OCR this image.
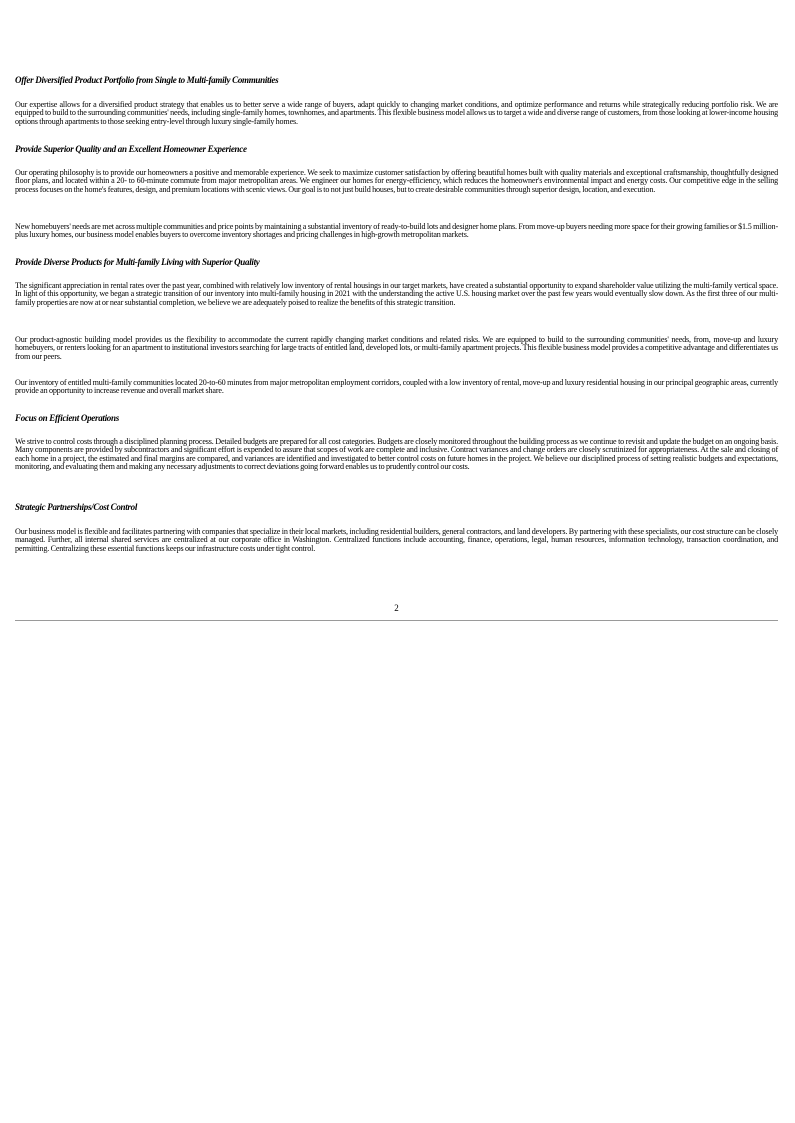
Offer Diversified Product Portfolio from Single to Multi-family Communities

Our expertise allows for a diversified product strategy that enables us to better serve a wide range of buyers, adapt quickly to changing market conditions, and optimize performance and returns while strategically reducing portfolio risk. We are equipped to build to the surrounding communities' needs, including single-family homes, townhomes, and apartments. This flexible business model allows us to target a wide and diverse range of customers, from those looking at lower-income housing options through apartments to those seeking entry-level through luxury single-family homes.

Provide Superior Quality and an Excellent Homeowner Experience

Our operating philosophy is to provide our homeowners a positive and memorable experience. We seek to maximize customer satisfaction by offering beautiful homes built with quality materials and exceptional craftsmanship, thoughtfully designed floor plans, and located within a 20- to 60-minute commute from major metropolitan areas. We engineer our homes for energy-efficiency, which reduces the homeowner's environmental impact and energy costs. Our competitive edge in the selling process focuses on the home's features, design, and premium locations with scenic views. Our goal is to not just build houses, but to create desirable communities through superior design, location, and execution.

New homebuyers' needs are met across multiple communities and price points by maintaining a substantial inventory of ready-to-build lots and designer home plans. From move-up buyers needing more space for their growing families or $1.5 million-plus luxury homes, our business model enables buyers to overcome inventory shortages and pricing challenges in high-growth metropolitan markets.

Provide Diverse Products for Multi-family Living with Superior Quality

The significant appreciation in rental rates over the past year, combined with relatively low inventory of rental housings in our target markets, have created a substantial opportunity to expand shareholder value utilizing the multi-family vertical space. In light of this opportunity, we began a strategic transition of our inventory into multi-family housing in 2021 with the understanding the active U.S. housing market over the past few years would eventually slow down. As the first three of our multi-family properties are now at or near substantial completion, we believe we are adequately poised to realize the benefits of this strategic transition.

Our product-agnostic building model provides us the flexibility to accommodate the current rapidly changing market conditions and related risks. We are equipped to build to the surrounding communities' needs, from, move-up and luxury homebuyers, or renters looking for an apartment to institutional investors searching for large tracts of entitled land, developed lots, or multi-family apartment projects. This flexible business model provides a competitive advantage and differentiates us from our peers.

Our inventory of entitled multi-family communities located 20-to-60 minutes from major metropolitan employment corridors, coupled with a low inventory of rental, move-up and luxury residential housing in our principal geographic areas, currently provide an opportunity to increase revenue and overall market share.

Focus on Efficient Operations

We strive to control costs through a disciplined planning process. Detailed budgets are prepared for all cost categories. Budgets are closely monitored throughout the building process as we continue to revisit and update the budget on an ongoing basis. Many components are provided by subcontractors and significant effort is expended to assure that scopes of work are complete and inclusive. Contract variances and change orders are closely scrutinized for appropriateness. At the sale and closing of each home in a project, the estimated and final margins are compared, and variances are identified and investigated to better control costs on future homes in the project. We believe our disciplined process of setting realistic budgets and expectations, monitoring, and evaluating them and making any necessary adjustments to correct deviations going forward enables us to prudently control our costs.

Strategic Partnerships/Cost Control

Our business model is flexible and facilitates partnering with companies that specialize in their local markets, including residential builders, general contractors, and land developers. By partnering with these specialists, our cost structure can be closely managed. Further, all internal shared services are centralized at our corporate office in Washington. Centralized functions include accounting, finance, operations, legal, human resources, information technology, transaction coordination, and permitting. Centralizing these essential functions keeps our infrastructure costs under tight control.

2
